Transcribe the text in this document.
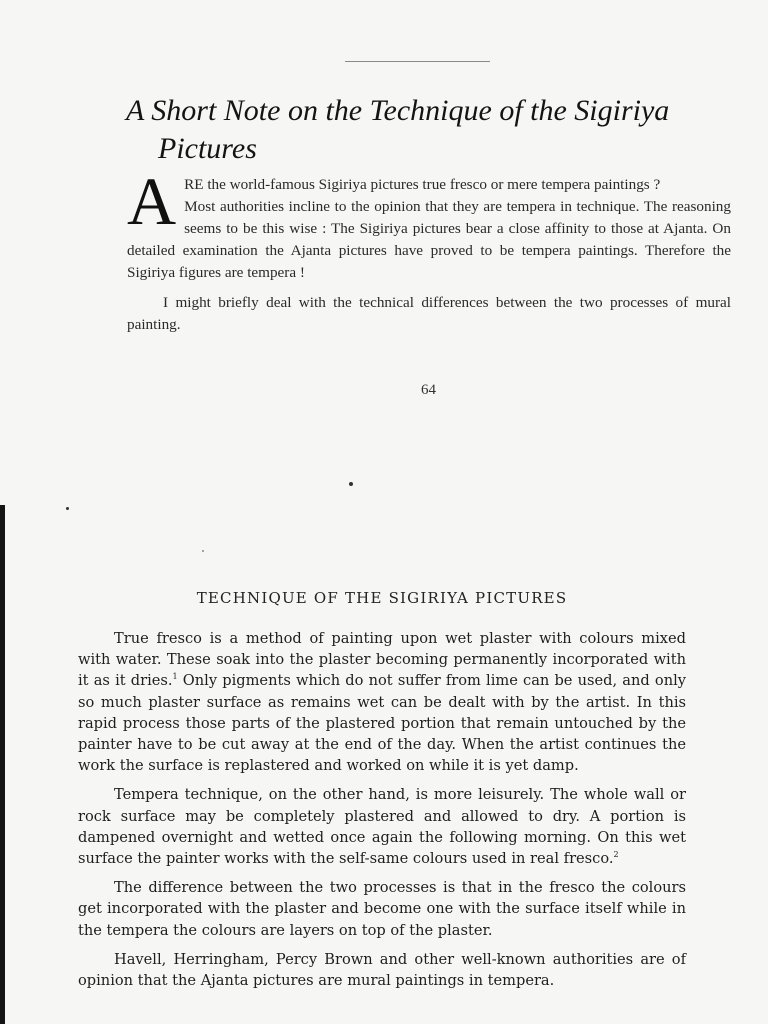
A Short Note on the Technique of the Sigiriya
Pictures

ARE the world-famous Sigiriya pictures true fresco or mere tempera paintings ?

Most authorities incline to the opinion that they are tempera in technique. The reasoning seems to be this wise : The Sigiriya pictures bear a close affinity to those at Ajanta. On detailed examination the Ajanta pictures have proved to be tempera paintings. Therefore the Sigiriya figures are tempera !

I might briefly deal with the technical differences between the two processes of mural painting.

64
TECHNIQUE OF THE SIGIRIYA PICTURES

True fresco is a method of painting upon wet plaster with colours mixed with water. These soak into the plaster becoming permanently incorporated with it as it dries.$^1$ Only pigments which do not suffer from lime can be used, and only so much plaster surface as remains wet can be dealt with by the artist. In this rapid process those parts of the plastered portion that remain untouched by the painter have to be cut away at the end of the day. When the artist continues the work the surface is replastered and worked on while it is yet damp.

Tempera technique, on the other hand, is more leisurely. The whole wall or rock surface may be completely plastered and allowed to dry. A portion is dampened overnight and wetted once again the following morning. On this wet surface the painter works with the self-same colours used in real fresco.$^2$

The difference between the two processes is that in the fresco the colours get incorporated with the plaster and become one with the surface itself while in the tempera the colours are layers on top of the plaster.

Havell, Herringham, Percy Brown and other well-known authorities are of opinion that the Ajanta pictures are mural paintings in tempera.
